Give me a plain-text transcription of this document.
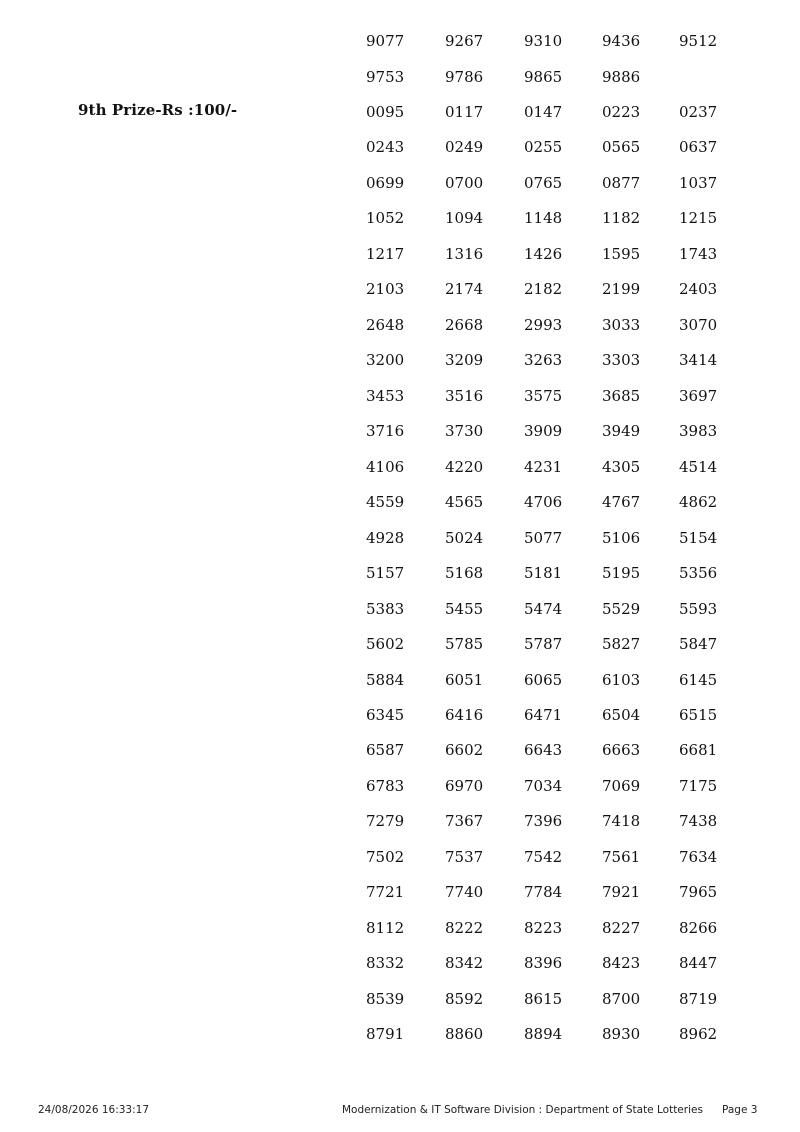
9th Prize-Rs :100/-
9077	9267	9310	9436	9512
9753	9786	9865	9886
0095	0117	0147	0223	0237
0243	0249	0255	0565	0637
0699	0700	0765	0877	1037
1052	1094	1148	1182	1215
1217	1316	1426	1595	1743
2103	2174	2182	2199	2403
2648	2668	2993	3033	3070
3200	3209	3263	3303	3414
3453	3516	3575	3685	3697
3716	3730	3909	3949	3983
4106	4220	4231	4305	4514
4559	4565	4706	4767	4862
4928	5024	5077	5106	5154
5157	5168	5181	5195	5356
5383	5455	5474	5529	5593
5602	5785	5787	5827	5847
5884	6051	6065	6103	6145
6345	6416	6471	6504	6515
6587	6602	6643	6663	6681
6783	6970	7034	7069	7175
7279	7367	7396	7418	7438
7502	7537	7542	7561	7634
7721	7740	7784	7921	7965
8112	8222	8223	8227	8266
8332	8342	8396	8423	8447
8539	8592	8615	8700	8719
8791	8860	8894	8930	8962
24/08/2026 16:33:17	Modernization & IT Software Division : Department of State Lotteries Page 3
